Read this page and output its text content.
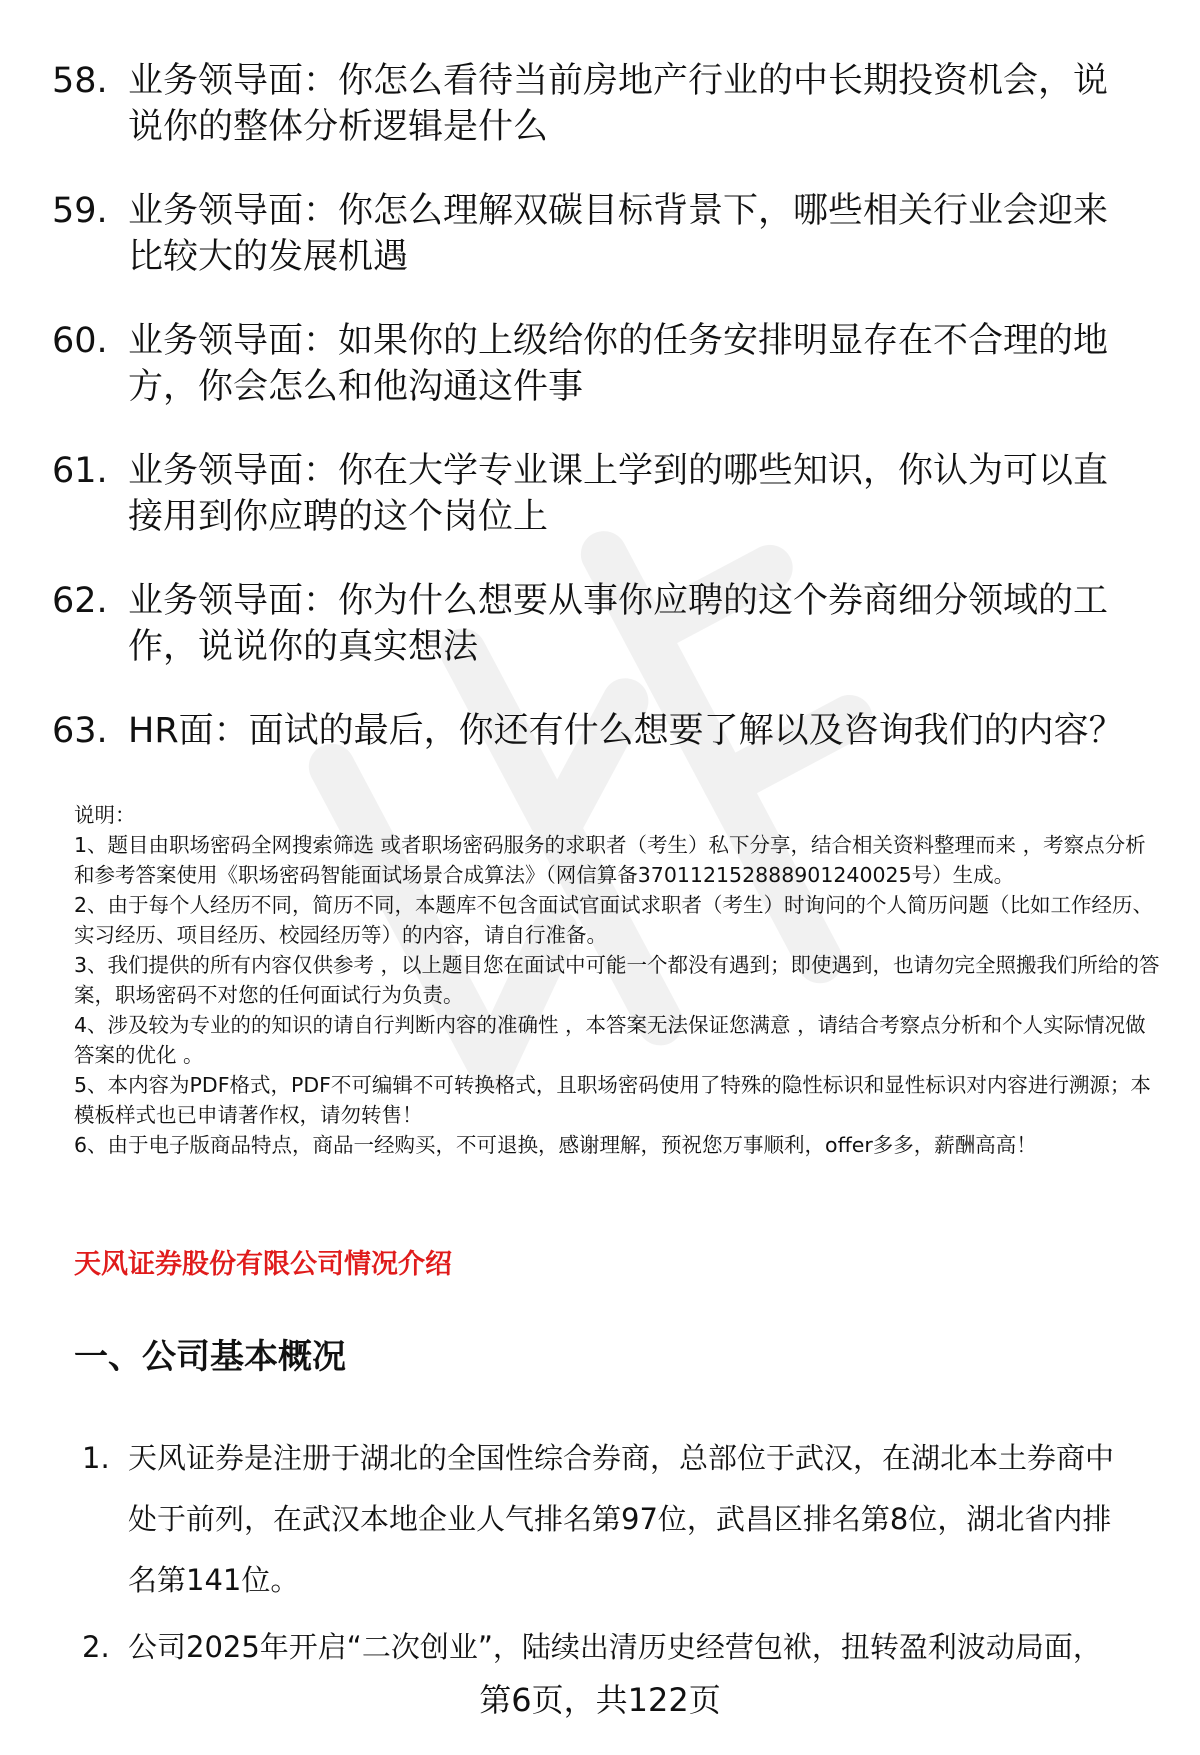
58. 业务领导面：你怎么看待当前房地产行业的中长期投资机会，说说你的整体分析逻辑是什么
59. 业务领导面：你怎么理解双碳目标背景下，哪些相关行业会迎来比较大的发展机遇
60. 业务领导面：如果你的上级给你的任务安排明显存在不合理的地方，你会怎么和他沟通这件事
61. 业务领导面：你在大学专业课上学到的哪些知识，你认为可以直接用到你应聘的这个岗位上
62. 业务领导面：你为什么想要从事你应聘的这个券商细分领域的工作，说说你的真实想法
63. HR面：面试的最后，你还有什么想要了解以及咨询我们的内容？

说明：

1、题目由职场密码全网搜索筛选 或者职场密码服务的求职者（考生）私下分享，结合相关资料整理而来 ，考察点分析和参考答案使用《职场密码智能面试场景合成算法》（网信算备370112152888901240025号）生成。

2、由于每个人经历不同，简历不同，本题库不包含面试官面试求职者（考生）时询问的个人简历问题（比如工作经历、实习经历、项目经历、校园经历等）的内容，请自行准备。

3、我们提供的所有内容仅供参考 ，以上题目您在面试中可能一个都没有遇到；即使遇到，也请勿完全照搬我们所给的答案，职场密码不对您的任何面试行为负责。

4、涉及较为专业的的知识的请自行判断内容的准确性 ，本答案无法保证您满意 ，请结合考察点分析和个人实际情况做答案的优化 。

5、本内容为PDF格式，PDF不可编辑不可转换格式，且职场密码使用了特殊的隐性标识和显性标识对内容进行溯源；本模板样式也已申请著作权，请勿转售！

6、由于电子版商品特点，商品一经购买，不可退换，感谢理解，预祝您万事顺利，offer多多，薪酬高高！

天风证券股份有限公司情况介绍
一、公司基本概况
1. 天风证券是注册于湖北的全国性综合券商，总部位于武汉，在湖北本土券商中处于前列，在武汉本地企业人气排名第97位，武昌区排名第8位，湖北省内排名第141位。
2. 公司2025年开启“二次创业”，陆续出清历史经营包袱，扭转盈利波动局面，
第6页，共122页
